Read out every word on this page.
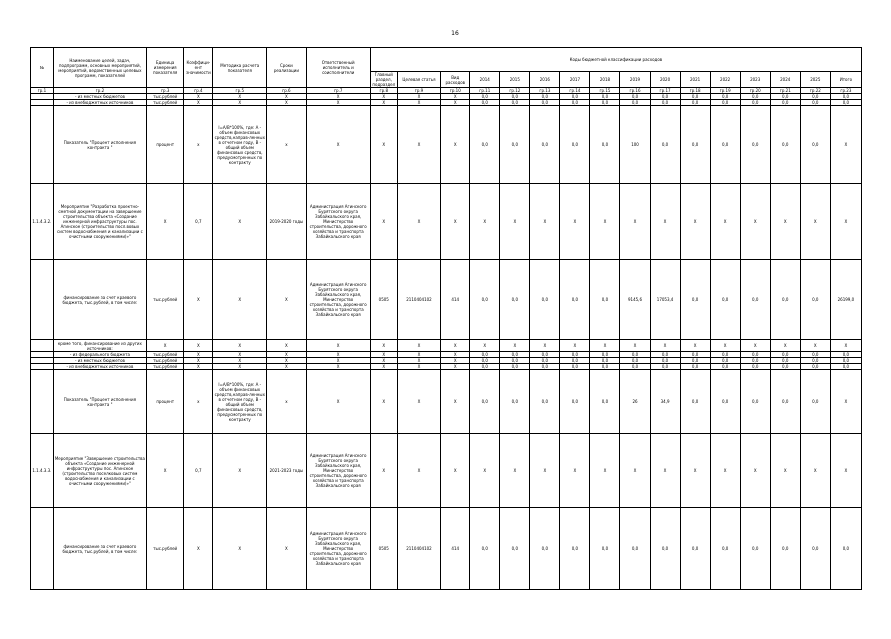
16
№	Наименование целей, задач, подпрограмм, основных мероприятий, мероприятий, ведомственных целевых программ, показателей	Единица измерения показателя	Коэффици-ент значимости	Методика расчета показателя	Сроки реализации	Ответственный исполнитель и соисполнители	Коды бюджетной классификации расходов															
							Главный раздел, подраздел	Целевая статья	Вид расходов	2014	2015	2016	2017	2018	2019	2020	2021	2022	2023	2024	2025	Итого
гр.1	гр.2	гр.3	гр.4	гр.5	гр.6	гр.7	гр.8	гр.9	гр.10	гр.11	гр.12	гр.13	гр.14	гр.15	гр.16	гр.17	гр.18	гр.19	гр.20	гр.21	гр.22	гр.23
	- из местных бюджетов	тыс.рублей	Х	Х	Х	Х	Х	Х	Х	0,0	0,0	0,0	0,0	0,0	0,0	0,0	0,0	0,0	0,0	0,0	0,0	0,0
	- из внебюджетных источников	тыс.рублей	Х	Х	Х	Х	Х	Х	Х	0,0	0,0	0,0	0,0	0,0	0,0	0,0	0,0	0,0	0,0	0,0	0,0	0,0
	Показатель "Процент исполнения контракта "	процент	х	I=A/B*100%, где: A - объем финансовых средств,направ-ленных в отчетном году, B - общий объем финансовых средств, предусмотренных по контракту	х	Х	Х	Х	Х	0,0	0,0	0,0	0,0	0,0	100	0,0	0,0	0,0	0,0	0,0	0,0	Х
1.1.4.3.2.	Мероприятие "Разработка проектно-сметной документации на завершение строительства объекта «Создание инженерной инфраструктуры пос. Агинское (строительство посл.вовых систем водоснабжения и канализации с очистными сооружениями)»"	Х	0,7	Х	2019-2020 годы	Администрация Агинского Бурятского округа Забайкальского края, Министерство строительства, дорожного хозяйства и транспорта Забайкальского края	Х	Х	Х	Х	Х	Х	Х	Х	Х	Х	Х	Х	Х	Х	Х	Х
	финансирование за счет краевого бюджета, тыс.рублей, в том числе:	тыс.рублей	Х	Х	Х	Администрация Агинского Бурятского округа Забайкальского края, Министерство строительства, дорожного хозяйства и транспорта Забайкальского края	0505	2110404102	414	0,0	0,0	0,0	0,0	0,0	9145,6	17053,4	0,0	0,0	0,0	0,0	0,0	26199,0
	кроме того, финансирование из других источников:	Х	Х	Х	Х	Х	Х	Х	Х	Х	Х	Х	Х	Х	Х	Х	Х	Х	Х	Х	Х	Х
	- из федерального бюджета	тыс.рублей	Х	Х	Х	Х	Х	Х	Х	0,0	0,0	0,0	0,0	0,0	0,0	0,0	0,0	0,0	0,0	0,0	0,0	0,0
	- из местных бюджетов	тыс.рублей	Х	Х	Х	Х	Х	Х	Х	0,0	0,0	0,0	0,0	0,0	0,0	0,0	0,0	0,0	0,0	0,0	0,0	0,0
	- из внебюджетных источников	тыс.рублей	Х	Х	Х	Х	Х	Х	Х	0,0	0,0	0,0	0,0	0,0	0,0	0,0	0,0	0,0	0,0	0,0	0,0	0,0
	Показатель "Процент исполнения контракта "	процент	х	I=A/B*100%, где: A - объем финансовых средств,направ-ленных в отчетном году, B - общий объем финансовых средств, предусмотренных по контракту	х	Х	Х	Х	Х	0,0	0,0	0,0	0,0	0,0	26	34,9	0,0	0,0	0,0	0,0	0,0	Х
1.1.4.3.3.	Мероприятие "Завершение строительства объекта «Создание инженерной инфраструктуры пос. Агинское (строительство поселковых систем водоснабжения и канализации с очистными сооружениями)»"	Х	0,7	Х	2021-2023 годы	Администрация Агинского Бурятского округа Забайкальского края, Министерство строительства, дорожного хозяйства и транспорта Забайкальского края	Х	Х	Х	Х	Х	Х	Х	Х	Х	Х	Х	Х	Х	Х	Х	Х
	финансирование за счет краевого бюджета, тыс.рублей, в том числе:	тыс.рублей	Х	Х	Х	Администрация Агинского Бурятского округа Забайкальского края, Министерство строительства, дорожного хозяйства и транспорта Забайкальского края	0505	2110404102	414	0,0	0,0	0,0	0,0	0,0	0,0	0,0	0,0	0,0	0,0	0,0	0,0	0,0
